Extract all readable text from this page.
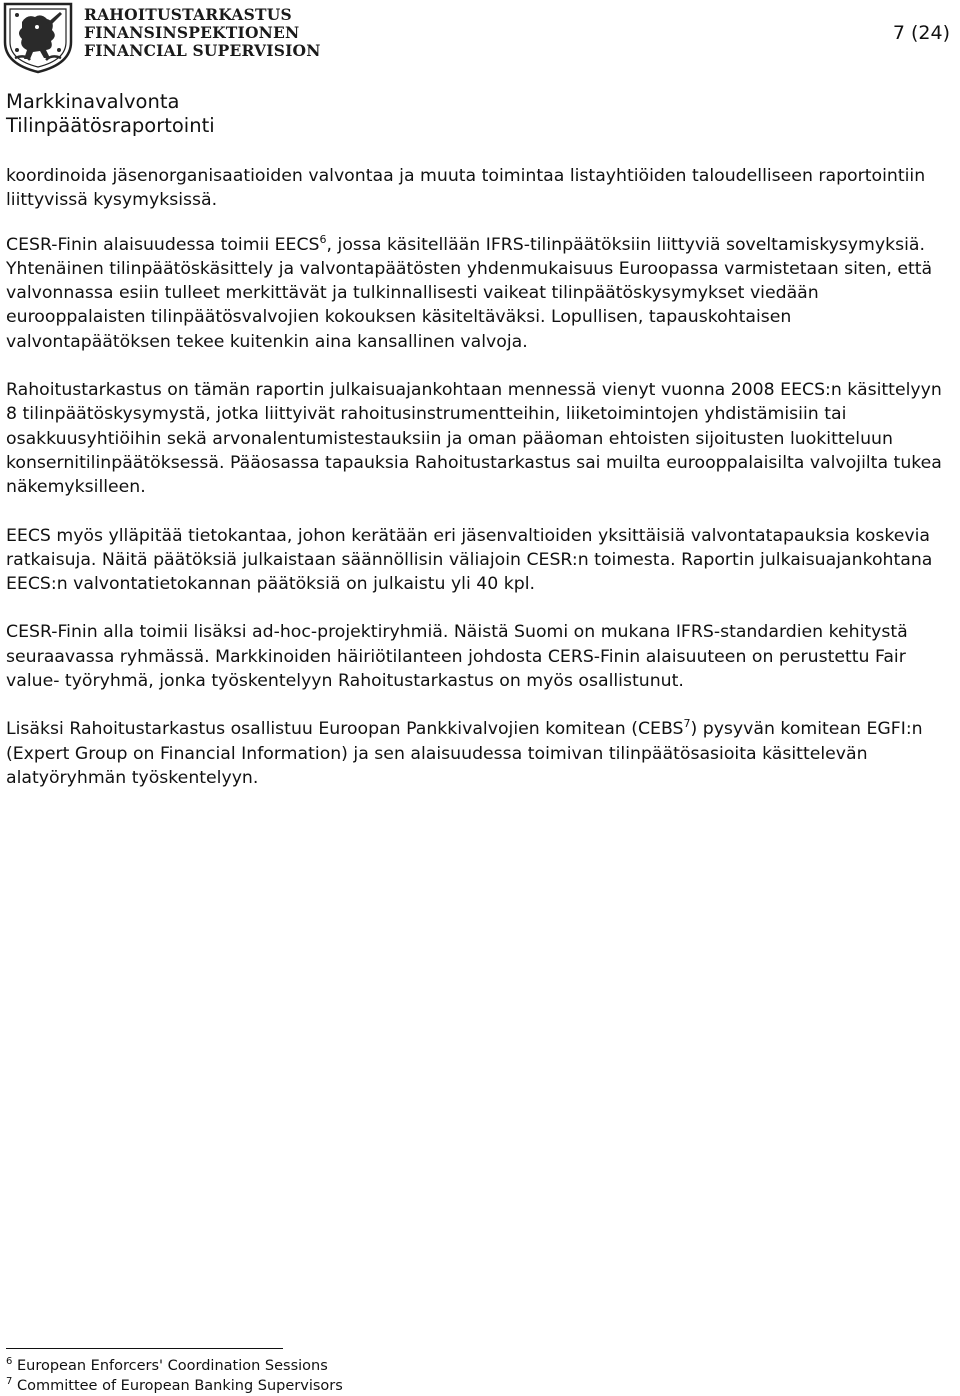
RAHOITUSTARKASTUS
FINANSINSPEKTIONEN
FINANCIAL SUPERVISION
7 (24)
Markkinavalvonta
Tilinpäätösraportointi

koordinoida jäsenorganisaatioiden valvontaa ja muuta toimintaa listayhtiöiden taloudelliseen raportointiin liittyvissä kysymyksissä.

CESR-Finin alaisuudessa toimii EECS$^6$, jossa käsitellään IFRS-tilinpäätöksiin liittyviä soveltamiskysymyksiä. Yhtenäinen tilinpäätöskäsittely ja valvontapäätösten yhdenmukaisuus Euroopassa varmistetaan siten, että valvonnassa esiin tulleet merkittävät ja tulkinnallisesti vaikeat tilinpäätöskysymykset viedään eurooppalaisten tilinpäätösvalvojien kokouksen käsiteltäväksi. Lopullisen, tapauskohtaisen valvontapäätöksen tekee kuitenkin aina kansallinen valvoja.

Rahoitustarkastus on tämän raportin julkaisuajankohtaan mennessä vienyt vuonna 2008 EECS:n käsittelyyn 8 tilinpäätöskysymystä, jotka liittyivät rahoitusinstrumentteihin, liiketoimintojen yhdistämisiin tai osakkuusyhtiöihin sekä arvonalentumistestauksiin ja oman pääoman ehtoisten sijoitusten luokitteluun konsernitilinpäätöksessä. Pääosassa tapauksia Rahoitustarkastus sai muilta eurooppalaisilta valvojilta tukea näkemyksilleen.

EECS myös ylläpitää tietokantaa, johon kerätään eri jäsenvaltioiden yksittäisiä valvontatapauksia koskevia ratkaisuja. Näitä päätöksiä julkaistaan säännöllisin väliajoin CESR:n toimesta. Raportin julkaisuajankohtana EECS:n valvontatietokannan päätöksiä on julkaistu yli 40 kpl.

CESR-Finin alla toimii lisäksi ad-hoc-projektiryhmiä. Näistä Suomi on mukana IFRS-standardien kehitystä seuraavassa ryhmässä. Markkinoiden häiriötilanteen johdosta CERS-Finin alaisuuteen on perustettu Fair value- työryhmä, jonka työskentelyyn Rahoitustarkastus on myös osallistunut.

Lisäksi Rahoitustarkastus osallistuu Euroopan Pankkivalvojien komitean (CEBS$^7$) pysyvän komitean EGFI:n (Expert Group on Financial Information) ja sen alaisuudessa toimivan tilinpäätösasioita käsittelevän alatyöryhmän työskentelyyn.

$^6$ European Enforcers' Coordination Sessions
$^7$ Committee of European Banking Supervisors
